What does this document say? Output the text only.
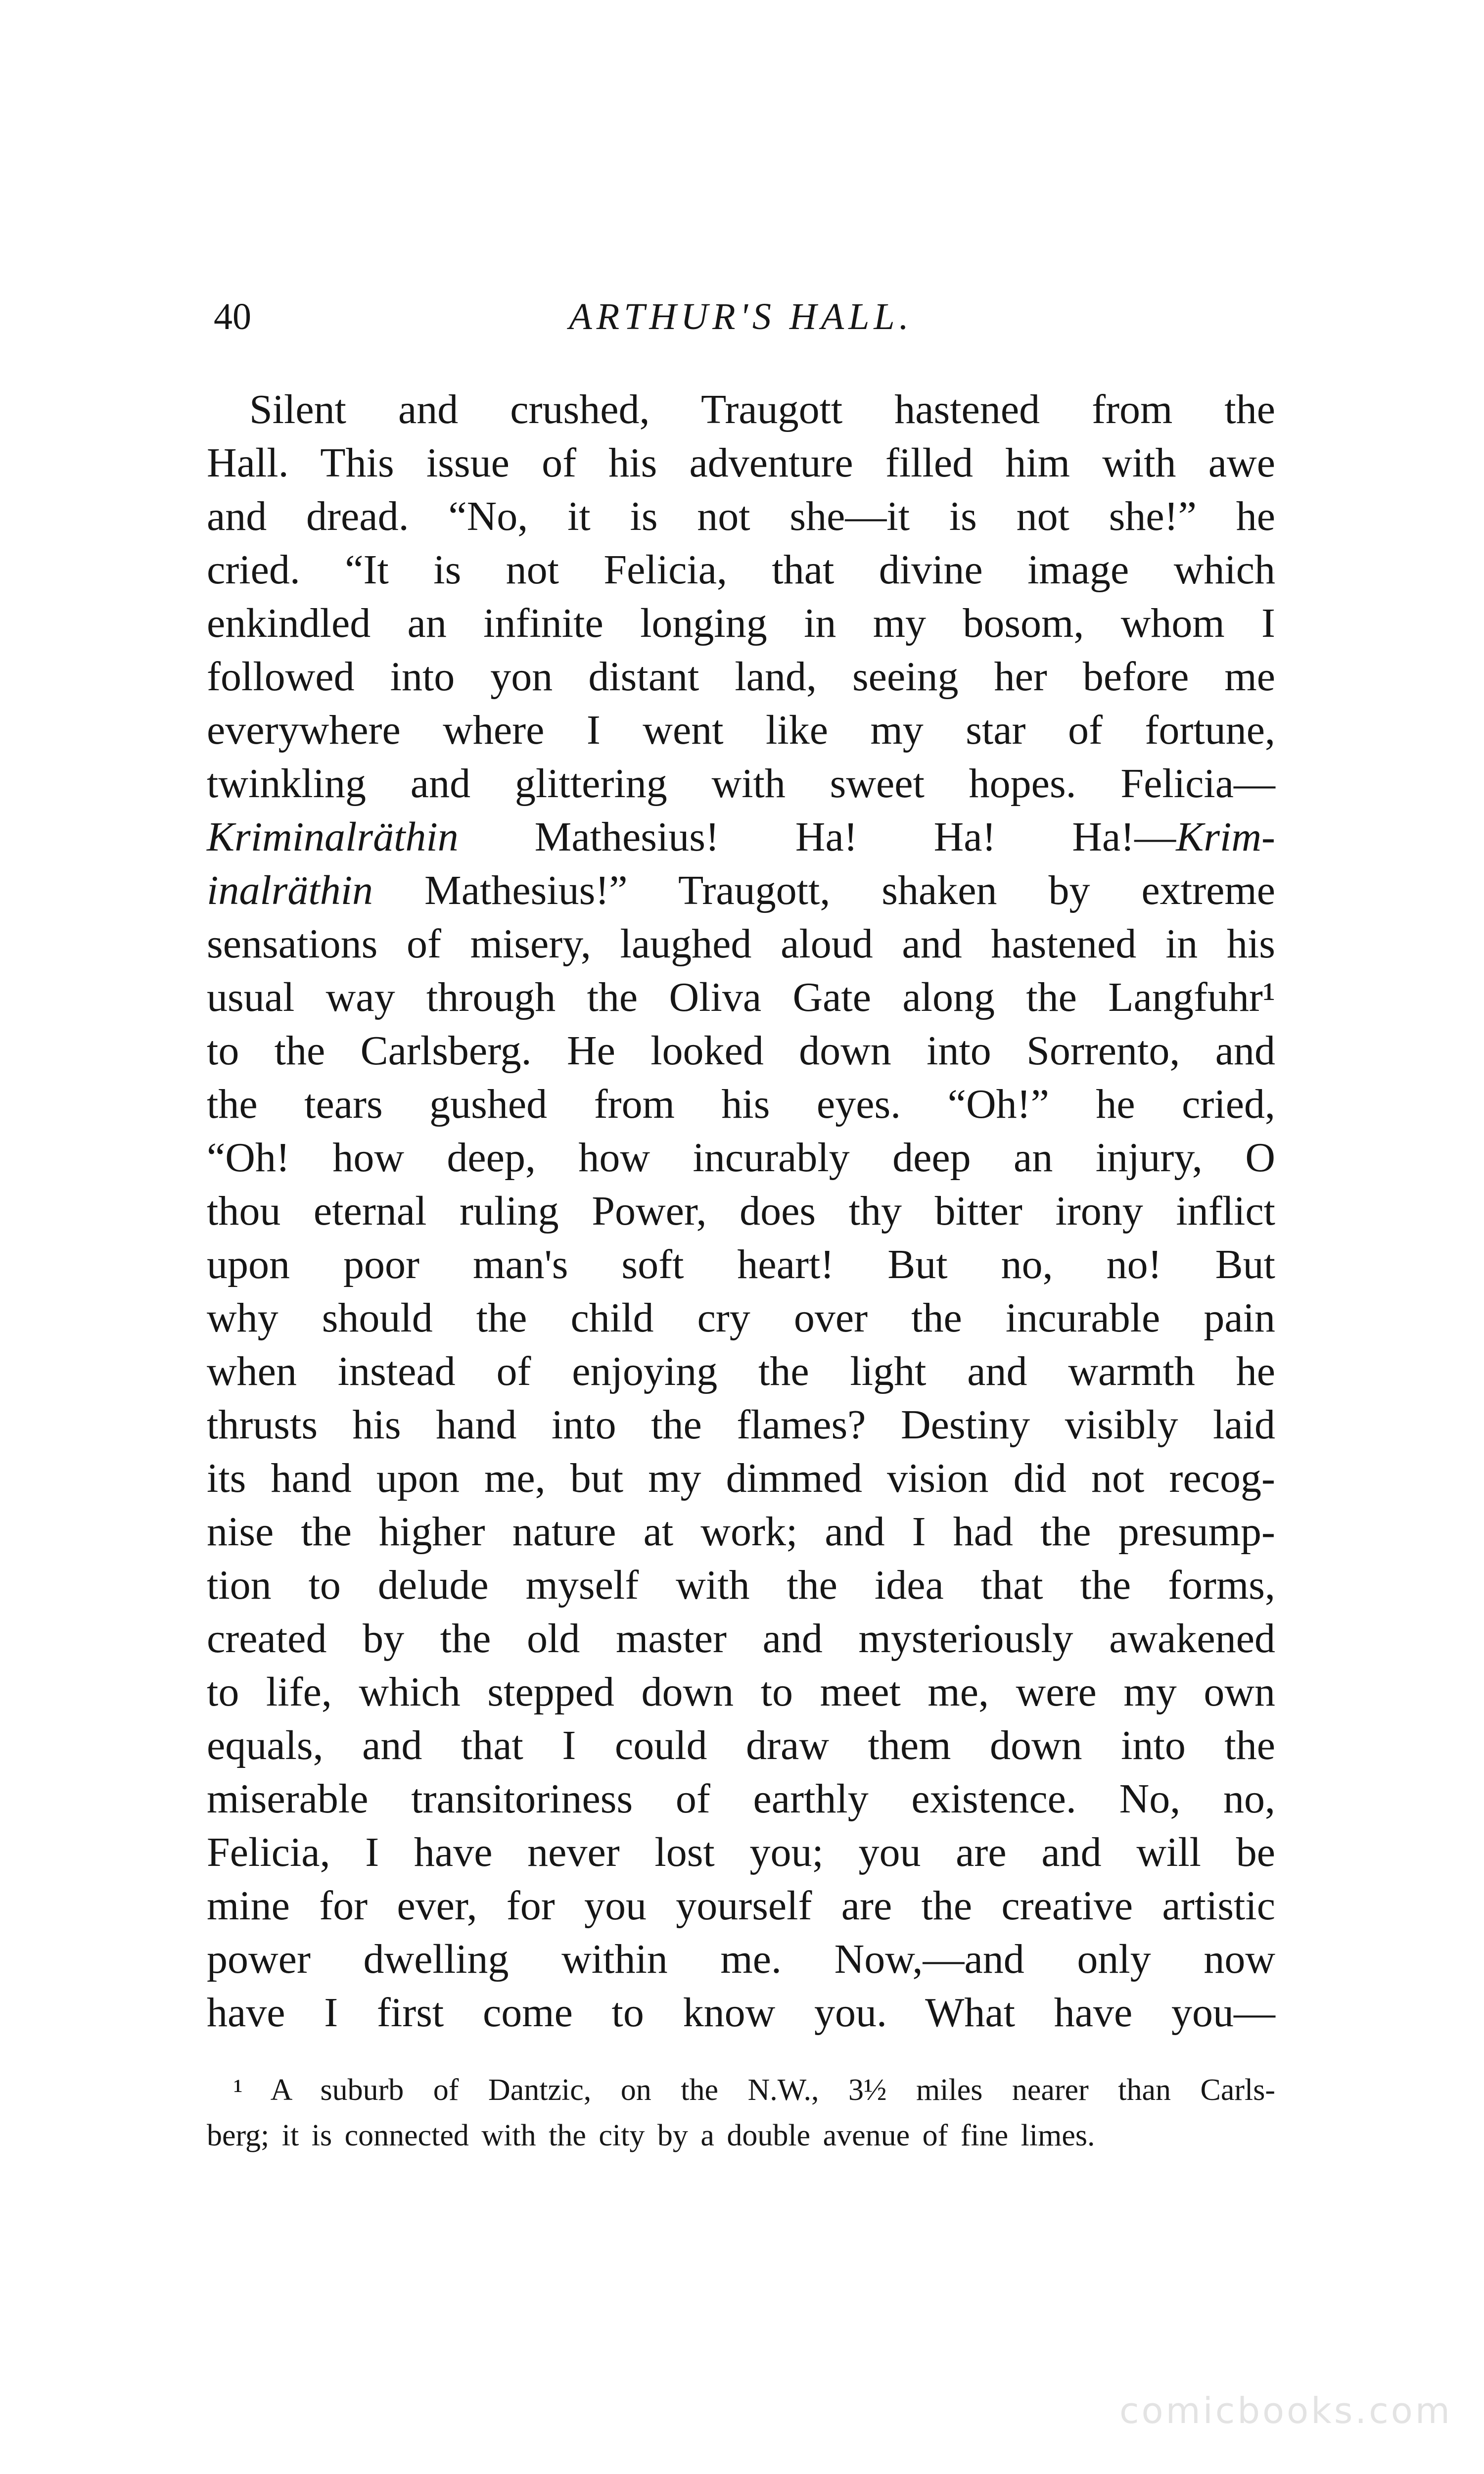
40	ARTHUR'S HALL.
Silent and crushed, Traugott hastened from the
Hall. This issue of his adventure filled him with awe
and dread. “No, it is not she—it is not she!” he
cried. “It is not Felicia, that divine image which
enkindled an infinite longing in my bosom, whom I
followed into yon distant land, seeing her before me
everywhere where I went like my star of fortune,
twinkling and glittering with sweet hopes. Felicia—
Kriminalräthin Mathesius! Ha! Ha! Ha!—Krim-
inalräthin Mathesius!” Traugott, shaken by extreme
sensations of misery, laughed aloud and hastened in his
usual way through the Oliva Gate along the Langfuhr¹
to the Carlsberg. He looked down into Sorrento, and
the tears gushed from his eyes. “Oh!” he cried,
“Oh! how deep, how incurably deep an injury, O
thou eternal ruling Power, does thy bitter irony inflict
upon poor man's soft heart! But no, no! But
why should the child cry over the incurable pain
when instead of enjoying the light and warmth he
thrusts his hand into the flames? Destiny visibly laid
its hand upon me, but my dimmed vision did not recog-
nise the higher nature at work; and I had the presump-
tion to delude myself with the idea that the forms,
created by the old master and mysteriously awakened
to life, which stepped down to meet me, were my own
equals, and that I could draw them down into the
miserable transitoriness of earthly existence. No, no,
Felicia, I have never lost you; you are and will be
mine for ever, for you yourself are the creative artistic
power dwelling within me. Now,—and only now
have I first come to know you. What have you—
¹ A suburb of Dantzic, on the N.W., 3½ miles nearer than Carls-
berg; it is connected with the city by a double avenue of fine limes.
comicbooks.com
